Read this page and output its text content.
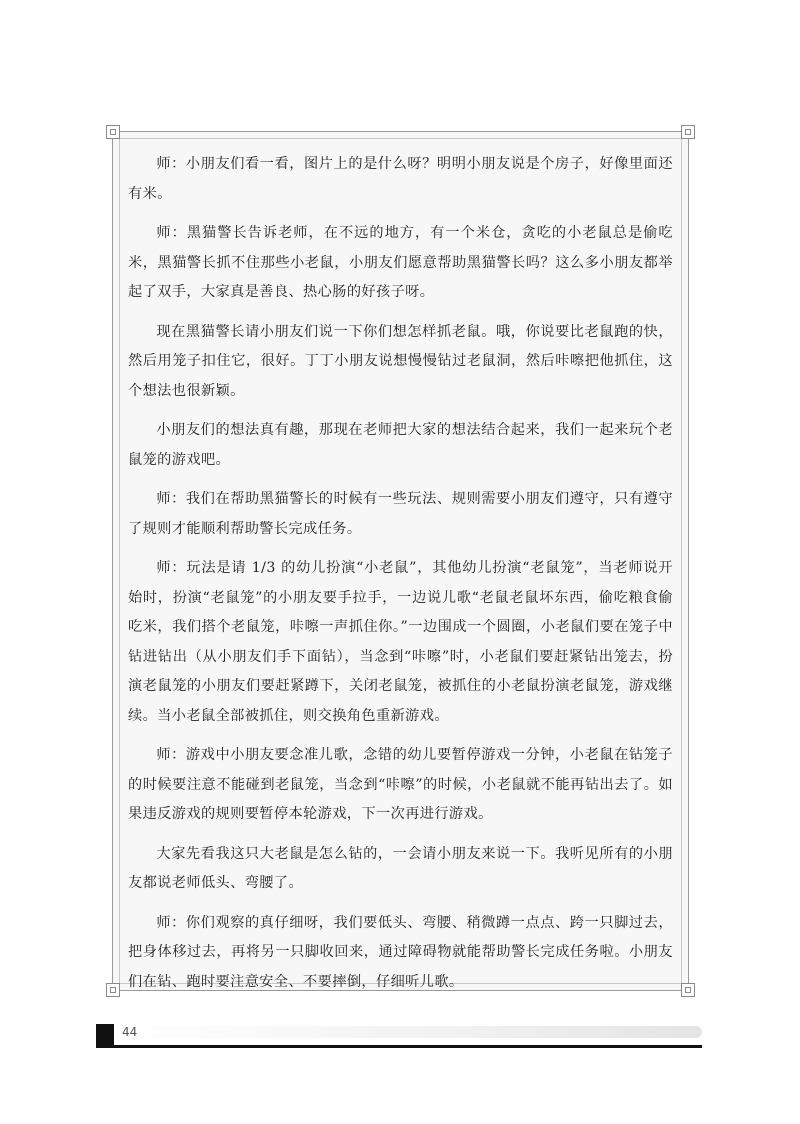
师：小朋友们看一看，图片上的是什么呀？明明小朋友说是个房子，好像里面还有米。

师：黑猫警长告诉老师，在不远的地方，有一个米仓，贪吃的小老鼠总是偷吃米，黑猫警长抓不住那些小老鼠，小朋友们愿意帮助黑猫警长吗？这么多小朋友都举起了双手，大家真是善良、热心肠的好孩子呀。

现在黑猫警长请小朋友们说一下你们想怎样抓老鼠。哦，你说要比老鼠跑的快，然后用笼子扣住它，很好。丁丁小朋友说想慢慢钻过老鼠洞，然后咔嚓把他抓住，这个想法也很新颖。

小朋友们的想法真有趣，那现在老师把大家的想法结合起来，我们一起来玩个老鼠笼的游戏吧。

师：我们在帮助黑猫警长的时候有一些玩法、规则需要小朋友们遵守，只有遵守了规则才能顺利帮助警长完成任务。

师：玩法是请 1/3 的幼儿扮演“小老鼠”，其他幼儿扮演“老鼠笼”，当老师说开始时，扮演“老鼠笼”的小朋友要手拉手，一边说儿歌“老鼠老鼠坏东西，偷吃粮食偷吃米，我们搭个老鼠笼，咔嚓一声抓住你。”一边围成一个圆圈，小老鼠们要在笼子中钻进钻出（从小朋友们手下面钻），当念到“咔嚓”时，小老鼠们要赶紧钻出笼去，扮演老鼠笼的小朋友们要赶紧蹲下，关闭老鼠笼，被抓住的小老鼠扮演老鼠笼，游戏继续。当小老鼠全部被抓住，则交换角色重新游戏。

师：游戏中小朋友要念准儿歌，念错的幼儿要暂停游戏一分钟，小老鼠在钻笼子的时候要注意不能碰到老鼠笼，当念到“咔嚓”的时候，小老鼠就不能再钻出去了。如果违反游戏的规则要暂停本轮游戏，下一次再进行游戏。

大家先看我这只大老鼠是怎么钻的，一会请小朋友来说一下。我听见所有的小朋友都说老师低头、弯腰了。

师：你们观察的真仔细呀，我们要低头、弯腰、稍微蹲一点点、跨一只脚过去，把身体移过去，再将另一只脚收回来，通过障碍物就能帮助警长完成任务啦。小朋友们在钻、跑时要注意安全、不要摔倒，仔细听儿歌。

44
